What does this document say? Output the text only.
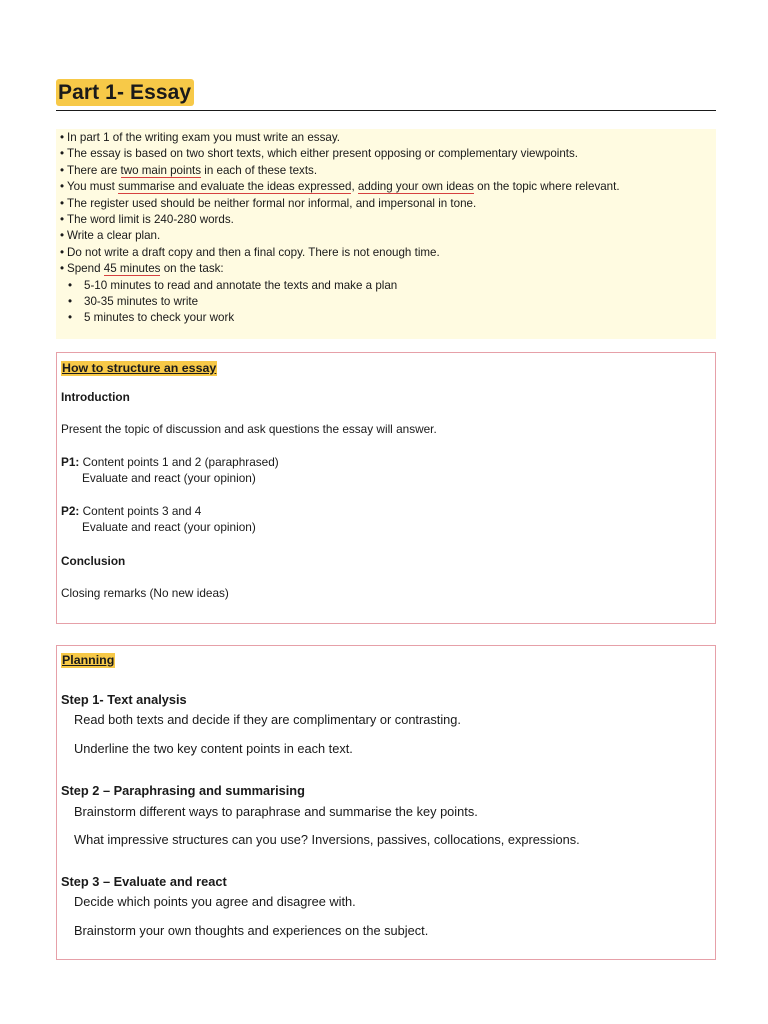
Part 1- Essay
• In part 1 of the writing exam you must write an essay.
• The essay is based on two short texts, which either present opposing or complementary viewpoints.
• There are two main points in each of these texts.
• You must summarise and evaluate the ideas expressed, adding your own ideas on the topic where relevant.
• The register used should be neither formal nor informal, and impersonal in tone.
• The word limit is 240-280 words.
• Write a clear plan.
• Do not write a draft copy and then a final copy. There is not enough time.
• Spend 45 minutes on the task:
• 5-10 minutes to read and annotate the texts and make a plan
• 30-35 minutes to write
• 5 minutes to check your work
How to structure an essay
Introduction
Present the topic of discussion and ask questions the essay will answer.
P1: Content points 1 and 2 (paraphrased)
Evaluate and react (your opinion)
P2: Content points 3 and 4
Evaluate and react (your opinion)
Conclusion
Closing remarks (No new ideas)
Planning
Step 1- Text analysis
Read both texts and decide if they are complimentary or contrasting.
Underline the two key content points in each text.
Step 2 – Paraphrasing and summarising
Brainstorm different ways to paraphrase and summarise the key points.
What impressive structures can you use? Inversions, passives, collocations, expressions.
Step 3 – Evaluate and react
Decide which points you agree and disagree with.
Brainstorm your own thoughts and experiences on the subject.
